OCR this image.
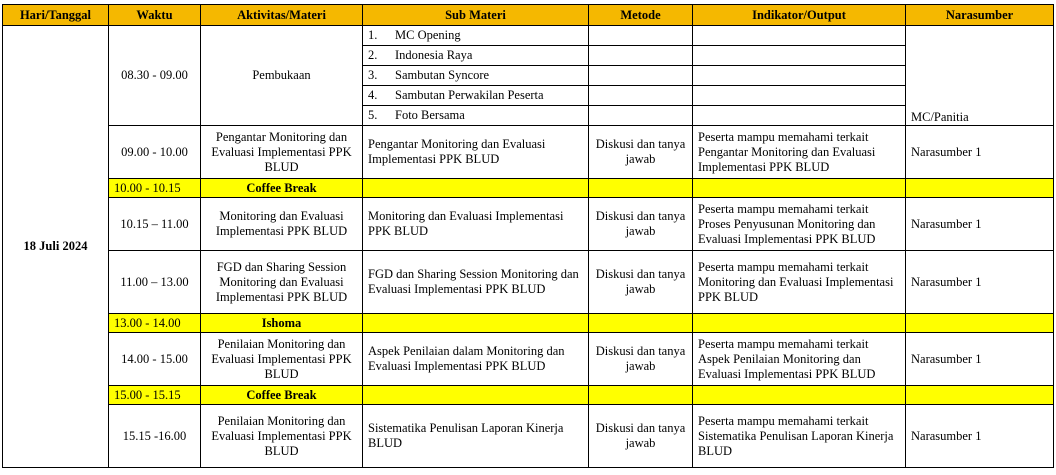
Hari/Tanggal	Waktu	Aktivitas/Materi	Sub Materi	Metode	Indikator/Output	Narasumber
18 Juli 2024	08.30 - 09.00	Pembukaan	1. MC Opening			MC/Panitia
			2. Indonesia Raya			
			3. Sambutan Syncore			
			4. Sambutan Perwakilan Peserta			
			5. Foto Bersama			
	09.00 - 10.00	Pengantar Monitoring dan Evaluasi Implementasi PPK BLUD	Pengantar Monitoring dan Evaluasi Implementasi PPK BLUD	Diskusi dan tanya jawab	Peserta mampu memahami terkait Pengantar Monitoring dan Evaluasi Implementasi PPK BLUD	Narasumber 1
	10.00 - 10.15	Coffee Break				
	10.15 – 11.00	Monitoring dan Evaluasi Implementasi PPK BLUD	Monitoring dan Evaluasi Implementasi PPK BLUD	Diskusi dan tanya jawab	Peserta mampu memahami terkait Proses Penyusunan Monitoring dan Evaluasi Implementasi PPK BLUD	Narasumber 1
	11.00 – 13.00	FGD dan Sharing Session Monitoring dan Evaluasi Implementasi PPK BLUD	FGD dan Sharing Session Monitoring dan Evaluasi Implementasi PPK BLUD	Diskusi dan tanya jawab	Peserta mampu memahami terkait Monitoring dan Evaluasi Implementasi PPK BLUD	Narasumber 1
	13.00 - 14.00	Ishoma				
	14.00 - 15.00	Penilaian Monitoring dan Evaluasi Implementasi PPK BLUD	Aspek Penilaian dalam Monitoring dan Evaluasi Implementasi PPK BLUD	Diskusi dan tanya jawab	Peserta mampu memahami terkait Aspek Penilaian Monitoring dan Evaluasi Implementasi PPK BLUD	Narasumber 1
	15.00 - 15.15	Coffee Break				
	15.15 -16.00	Penilaian Monitoring dan Evaluasi Implementasi PPK BLUD	Sistematika Penulisan Laporan Kinerja BLUD	Diskusi dan tanya jawab	Peserta mampu memahami terkait Sistematika Penulisan Laporan Kinerja BLUD	Narasumber 1
